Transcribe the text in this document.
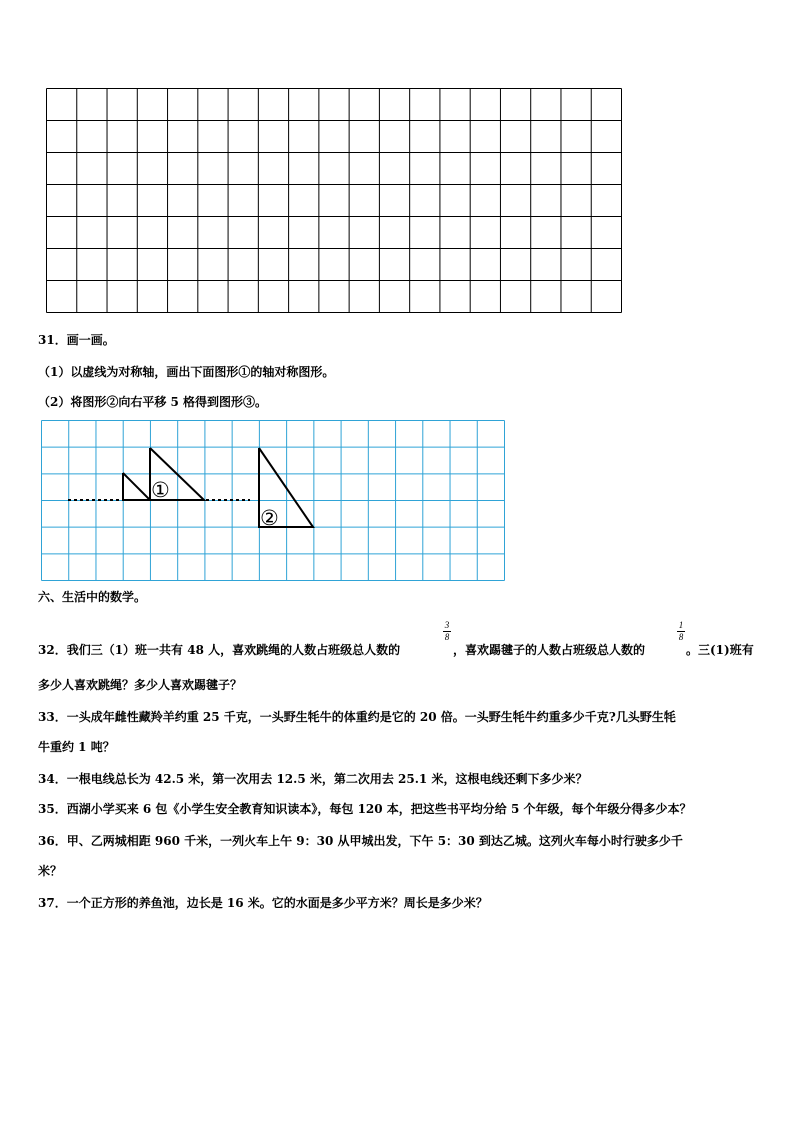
31．画一画。
（1）以虚线为对称轴，画出下面图形①的轴对称图形。
（2）将图形②向右平移 5 格得到图形③。
①
②
六、生活中的数学。
32．我们三（1）班一共有 48 人，喜欢跳绳的人数占班级总人数的
3
8
，喜欢踢毽子的人数占班级总人数的
1
8
。三(1)班有
多少人喜欢跳绳？多少人喜欢踢毽子？
33．一头成年雌性藏羚羊约重 25 千克，一头野生牦牛的体重约是它的 20 倍。一头野生牦牛约重多少千克?几头野生牦
牛重约 1 吨？
34．一根电线总长为 42.5 米，第一次用去 12.5 米，第二次用去 25.1 米，这根电线还剩下多少米？
35．西湖小学买来 6 包《小学生安全教育知识读本》，每包 120 本，把这些书平均分给 5 个年级，每个年级分得多少本？
36．甲、乙两城相距 960 千米，一列火车上午 9：30 从甲城出发，下午 5：30 到达乙城。这列火车每小时行驶多少千
米？
37．一个正方形的养鱼池，边长是 16 米。它的水面是多少平方米？周长是多少米？
